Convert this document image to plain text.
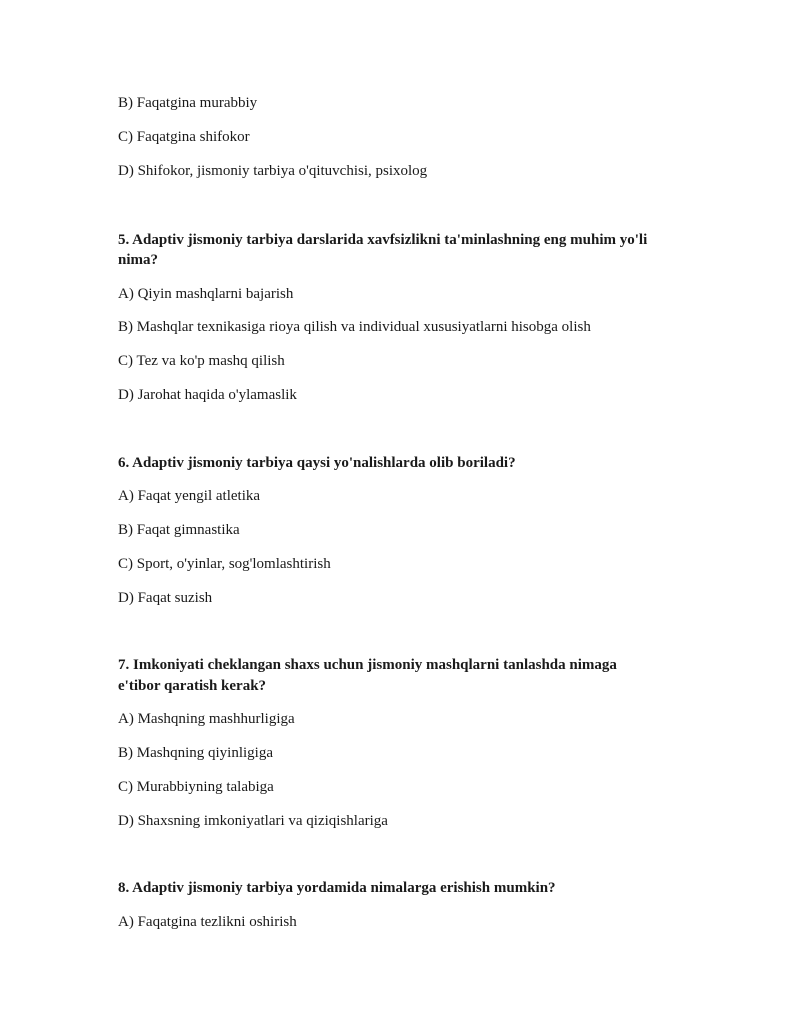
B) Faqatgina murabbiy
C) Faqatgina shifokor
D) Shifokor, jismoniy tarbiya o'qituvchisi, psixolog
5. Adaptiv jismoniy tarbiya darslarida xavfsizlikni ta'minlashning eng muhim yo'li
nima?
A) Qiyin mashqlarni bajarish
B) Mashqlar texnikasiga rioya qilish va individual xususiyatlarni hisobga olish
C) Tez va ko'p mashq qilish
D) Jarohat haqida o'ylamaslik
6. Adaptiv jismoniy tarbiya qaysi yo'nalishlarda olib boriladi?
A) Faqat yengil atletika
B) Faqat gimnastika
C) Sport, o'yinlar, sog'lomlashtirish
D) Faqat suzish
7. Imkoniyati cheklangan shaxs uchun jismoniy mashqlarni tanlashda nimaga
e'tibor qaratish kerak?
A) Mashqning mashhurligiga
B) Mashqning qiyinligiga
C) Murabbiyning talabiga
D) Shaxsning imkoniyatlari va qiziqishlariga
8. Adaptiv jismoniy tarbiya yordamida nimalarga erishish mumkin?
A) Faqatgina tezlikni oshirish
